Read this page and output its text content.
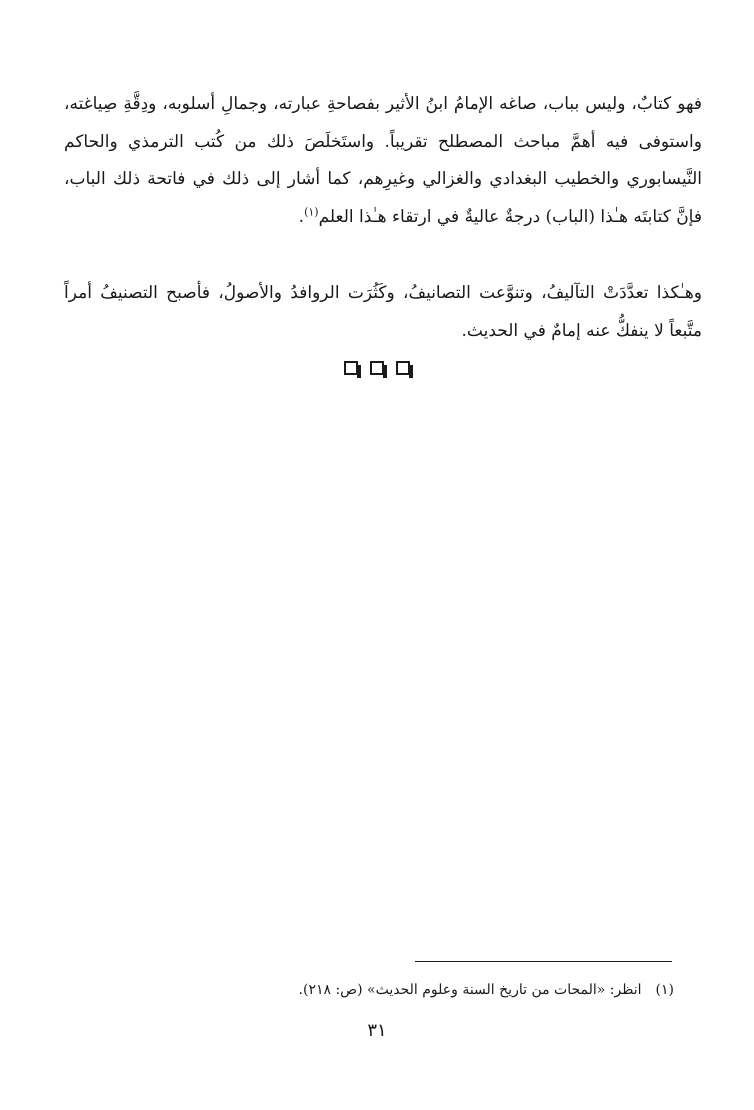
فهو كتابٌ، وليس بباب، صاغه الإمامُ ابنُ الأثير بفصاحةِ عبارته، وجمالِ أسلوبه، ودِقَّةِ صِياغته، واستوفى فيه أهمَّ مباحث المصطلح تقريباً. واستَخلَصَ ذلك من كُتب الترمذي والحاكم النَّيسابوري والخطيب البغدادي والغزالي وغيرِهم، كما أشار إلى ذلك في فاتحة ذلك الباب، فإنَّ كتابتَه هـٰذا (الباب) درجةٌ عاليةٌ في ارتقاء هـٰذا العلم$^{(١)}$.

وهـٰكذا تعدَّدَتْ التآليفُ، وتنوَّعت التصانيفُ، وكَثُرَت الروافدُ والأصولُ، فأصبح التصنيفُ أمراً متَّبعاً لا ينفكُّ عنه إمامٌ في الحديث.

(١)انظر: «المحات من تاريخ السنة وعلوم الحديث» (ص: ٢١٨).

٣١
